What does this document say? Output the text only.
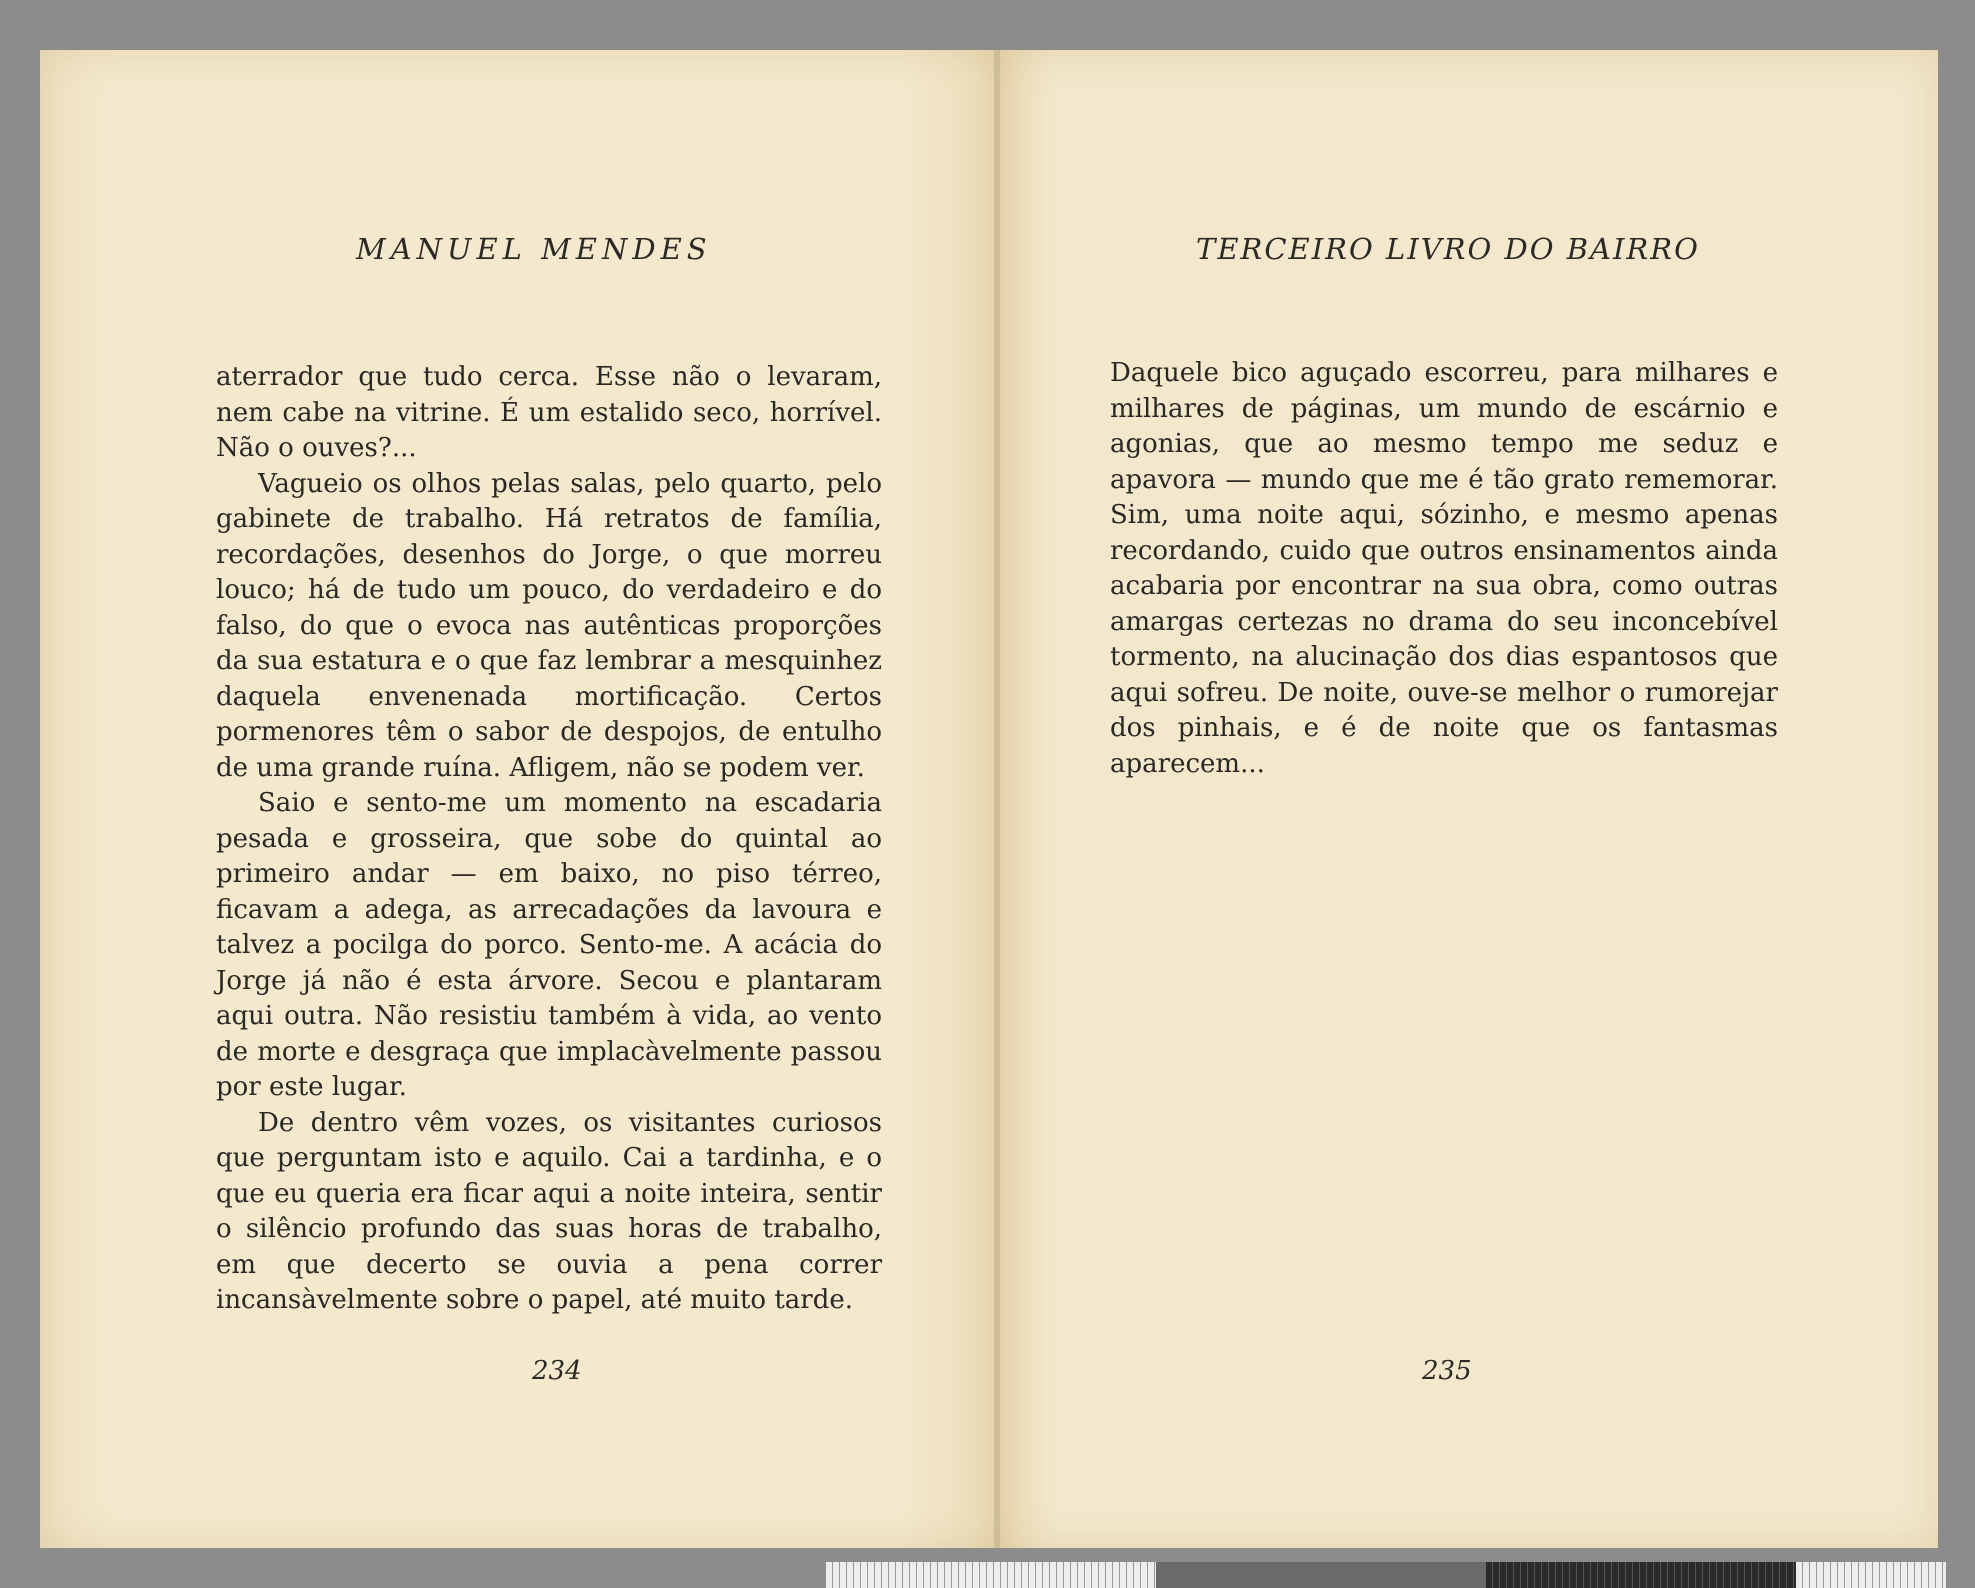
MANUEL MENDES

aterrador que tudo cerca. Esse não o levaram, nem cabe na vitrine. É um estalido seco, horrível. Não o ouves?...

Vagueio os olhos pelas salas, pelo quarto, pelo gabinete de trabalho. Há retratos de família, recordações, desenhos do Jorge, o que morreu louco; há de tudo um pouco, do verdadeiro e do falso, do que o evoca nas autênticas proporções da sua estatura e o que faz lembrar a mesquinhez daquela envenenada mortificação. Certos pormenores têm o sabor de despojos, de entulho de uma grande ruína. Afligem, não se podem ver.

Saio e sento-me um momento na escadaria pesada e grosseira, que sobe do quintal ao primeiro andar — em baixo, no piso térreo, ficavam a adega, as arrecadações da lavoura e talvez a pocilga do porco. Sento-me. A acácia do Jorge já não é esta árvore. Secou e plantaram aqui outra. Não resistiu também à vida, ao vento de morte e desgraça que implacàvelmente passou por este lugar.

De dentro vêm vozes, os visitantes curiosos que perguntam isto e aquilo. Cai a tardinha, e o que eu queria era ficar aqui a noite inteira, sentir o silêncio profundo das suas horas de trabalho, em que decerto se ouvia a pena correr incansàvelmente sobre o papel, até muito tarde.

234
TERCEIRO LIVRO DO BAIRRO

Daquele bico aguçado escorreu, para milhares e milhares de páginas, um mundo de escárnio e agonias, que ao mesmo tempo me seduz e apavora — mundo que me é tão grato rememorar. Sim, uma noite aqui, sózinho, e mesmo apenas recordando, cuido que outros ensinamentos ainda acabaria por encontrar na sua obra, como outras amargas certezas no drama do seu inconcebível tormento, na alucinação dos dias espantosos que aqui sofreu. De noite, ouve-se melhor o rumorejar dos pinhais, e é de noite que os fantasmas aparecem...

235
